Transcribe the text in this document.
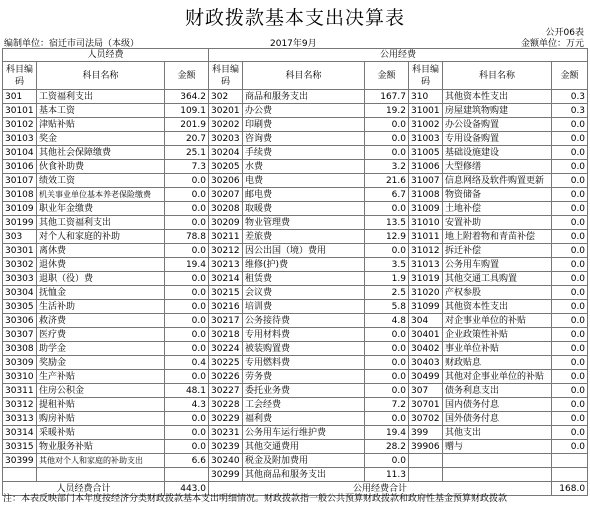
财政拨款基本支出决算表
公开06表
编制单位：宿迁市司法局（本级）	2017年9月	金额单位：万元
人员经费			公用经费					
科目编码	科目名称	金额	科目编码	科目名称	金额	科目编码	科目名称	金额
301	工资福利支出	364.2	302	商品和服务支出	167.7	310	其他资本性支出	0.3
30101	基本工资	109.1	30201	办公费	19.2	31001	房屋建筑物购建	0.3
30102	津贴补贴	201.9	30202	印刷费	0.0	31002	办公设备购置	0.0
30103	奖金	20.7	30203	咨询费	0.0	31003	专用设备购置	0.0
30104	其他社会保障缴费	25.1	30204	手续费	0.0	31005	基础设施建设	0.0
30106	伙食补助费	7.3	30205	水费	3.2	31006	大型修缮	0.0
30107	绩效工资	0.0	30206	电费	21.6	31007	信息网络及软件购置更新	0.0
30108	机关事业单位基本养老保险缴费	0.0	30207	邮电费	6.7	31008	物资储备	0.0
30109	职业年金缴费	0.0	30208	取暖费	0.0	31009	土地补偿	0.0
30199	其他工资福利支出	0.0	30209	物业管理费	13.5	31010	安置补助	0.0
303	对个人和家庭的补助	78.8	30211	差旅费	12.9	31011	地上附着物和青苗补偿	0.0
30301	离休费	0.0	30212	因公出国（境）费用	0.0	31012	拆迁补偿	0.0
30302	退休费	19.4	30213	维修(护)费	3.5	31013	公务用车购置	0.0
30303	退职（役）费	0.0	30214	租赁费	1.9	31019	其他交通工具购置	0.0
30304	抚恤金	0.0	30215	会议费	2.5	31020	产权参股	0.0
30305	生活补助	0.0	30216	培训费	5.8	31099	其他资本性支出	0.0
30306	救济费	0.0	30217	公务接待费	4.8	304	对企事业单位的补贴	0.0
30307	医疗费	0.0	30218	专用材料费	0.0	30401	企业政策性补贴	0.0
30308	助学金	0.0	30224	被装购置费	0.0	30402	事业单位补贴	0.0
30309	奖励金	0.4	30225	专用燃料费	0.0	30403	财政贴息	0.0
30310	生产补贴	0.0	30226	劳务费	0.0	30499	其他对企事业单位的补贴	0.0
30311	住房公积金	48.1	30227	委托业务费	0.0	307	债务利息支出	0.0
30312	提租补贴	4.3	30228	工会经费	7.2	30701	国内债务付息	0.0
30313	购房补贴	0.0	30229	福利费	0.0	30702	国外债务付息	0.0
30314	采暖补贴	0.0	30231	公务用车运行维护费	19.4	399	其他支出	0.0
30315	物业服务补贴	0.0	30239	其他交通费用	28.2	39906	赠与	0.0
30399	其他对个人和家庭的补助支出	6.6	30240	税金及附加费用	0.0			
			30299	其他商品和服务支出	11.3			
人员经费合计		443.0	公用经费合计					168.0
注：本表反映部门本年度按经济分类财政拨款基本支出明细情况。财政拨款指一般公共预算财政拨款和政府性基金预算财政拨款
